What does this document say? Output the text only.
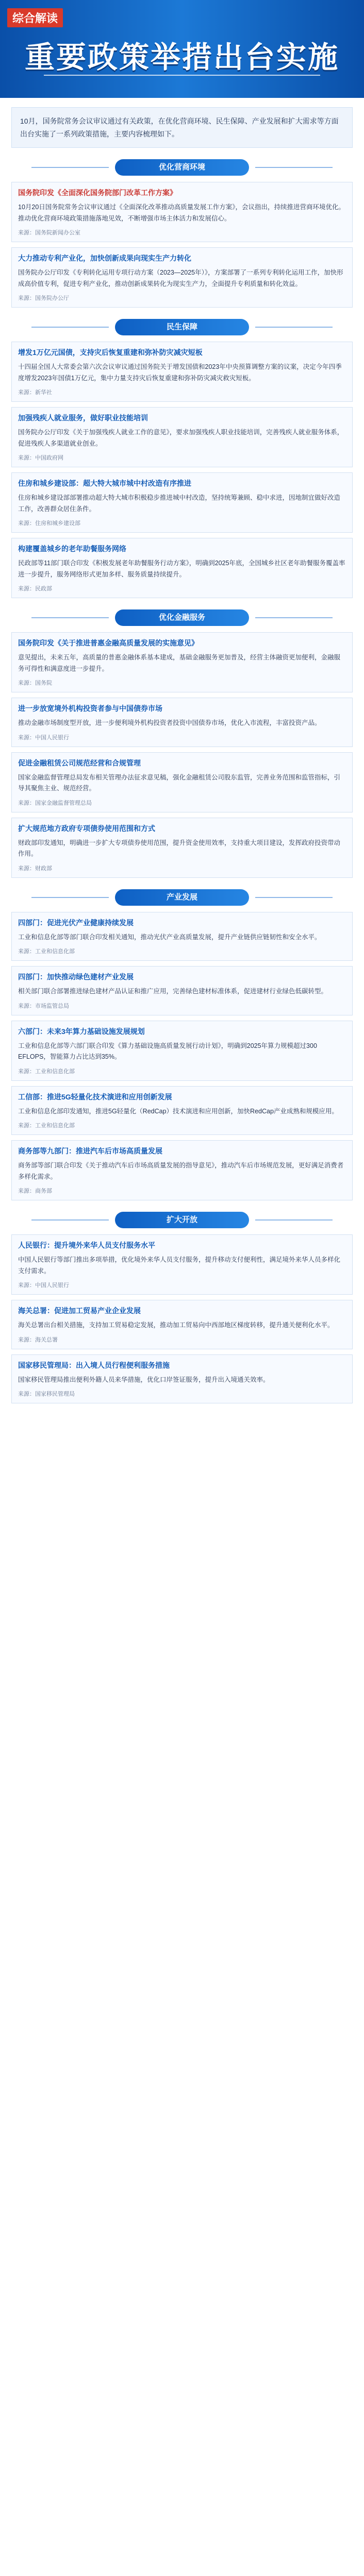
综合解读
重要政策举措出台实施
10月，国务院常务会议审议通过有关政策，在优化营商环境、民生保障、产业发展和扩大需求等方面出台实施了一系列政策措施，主要内容梳理如下。
优化营商环境
国务院印发《全面深化国务院部门改革工作方案》

10月20日国务院常务会议审议通过《全面深化改革推动高质量发展工作方案》，会议指出，持续推进营商环境优化。推动优化营商环境政策措施落地见效，不断增强市场主体活力和发展信心。

来源：国务院新闻办公室
大力推动专利产业化，加快创新成果向现实生产力转化

国务院办公厅印发《专利转化运用专项行动方案（2023—2025年）》，方案部署了一系列专利转化运用工作，加快形成高价值专利，促进专利产业化，推动创新成果转化为现实生产力，全面提升专利质量和转化效益。

来源：国务院办公厅
民生保障
增发1万亿元国债，支持灾后恢复重建和弥补防灾减灾短板

十四届全国人大常委会第六次会议审议通过国务院关于增发国债和2023年中央预算调整方案的议案，决定今年四季度增发2023年国债1万亿元，集中力量支持灾后恢复重建和弥补防灾减灾救灾短板。

来源：新华社
加强残疾人就业服务，做好职业技能培训

国务院办公厅印发《关于加强残疾人就业工作的意见》，要求加强残疾人职业技能培训，完善残疾人就业服务体系，促进残疾人多渠道就业创业。

来源：中国政府网
住房和城乡建设部：超大特大城市城中村改造有序推进

住房和城乡建设部部署推动超大特大城市积极稳步推进城中村改造，坚持统筹兼顾、稳中求进，因地制宜做好改造工作，改善群众居住条件。

来源：住房和城乡建设部
构建覆盖城乡的老年助餐服务网络

民政部等11部门联合印发《积极发展老年助餐服务行动方案》，明确到2025年底，全国城乡社区老年助餐服务覆盖率进一步提升，服务网络形式更加多样、服务质量持续提升。

来源：民政部
优化金融服务
国务院印发《关于推进普惠金融高质量发展的实施意见》

意见提出，未来五年，高质量的普惠金融体系基本建成，基础金融服务更加普及，经营主体融资更加便利，金融服务可得性和满意度进一步提升。

来源：国务院
进一步放宽境外机构投资者参与中国债券市场

推动金融市场制度型开放，进一步便利境外机构投资者投资中国债券市场，优化入市流程，丰富投资产品。

来源：中国人民银行
促进金融租赁公司规范经营和合规管理

国家金融监督管理总局发布相关管理办法征求意见稿，强化金融租赁公司股东监管，完善业务范围和监管指标，引导其聚焦主业、规范经营。

来源：国家金融监督管理总局
扩大规范地方政府专项债券使用范围和方式

财政部印发通知，明确进一步扩大专项债券使用范围，提升资金使用效率，支持重大项目建设，发挥政府投资带动作用。

来源：财政部
产业发展
四部门：促进光伏产业健康持续发展

工业和信息化部等部门联合印发相关通知，推动光伏产业高质量发展，提升产业链供应链韧性和安全水平。

来源：工业和信息化部
四部门：加快推动绿色建材产业发展

相关部门联合部署推进绿色建材产品认证和推广应用，完善绿色建材标准体系，促进建材行业绿色低碳转型。

来源：市场监管总局
六部门：未来3年算力基础设施发展规划

工业和信息化部等六部门联合印发《算力基础设施高质量发展行动计划》，明确到2025年算力规模超过300 EFLOPS，智能算力占比达到35%。

来源：工业和信息化部
工信部：推进5G轻量化技术演进和应用创新发展

工业和信息化部印发通知，推进5G轻量化（RedCap）技术演进和应用创新，加快RedCap产业成熟和规模应用。

来源：工业和信息化部
商务部等九部门：推进汽车后市场高质量发展

商务部等部门联合印发《关于推动汽车后市场高质量发展的指导意见》，推动汽车后市场规范发展，更好满足消费者多样化需求。

来源：商务部
扩大开放
人民银行：提升境外来华人员支付服务水平

中国人民银行等部门推出多项举措，优化境外来华人员支付服务，提升移动支付便利性，满足境外来华人员多样化支付需求。

来源：中国人民银行
海关总署：促进加工贸易产业企业发展

海关总署出台相关措施，支持加工贸易稳定发展，推动加工贸易向中西部地区梯度转移，提升通关便利化水平。

来源：海关总署
国家移民管理局：出入境人员行程便利服务措施

国家移民管理局推出便利外籍人员来华措施，优化口岸签证服务，提升出入境通关效率。

来源：国家移民管理局
